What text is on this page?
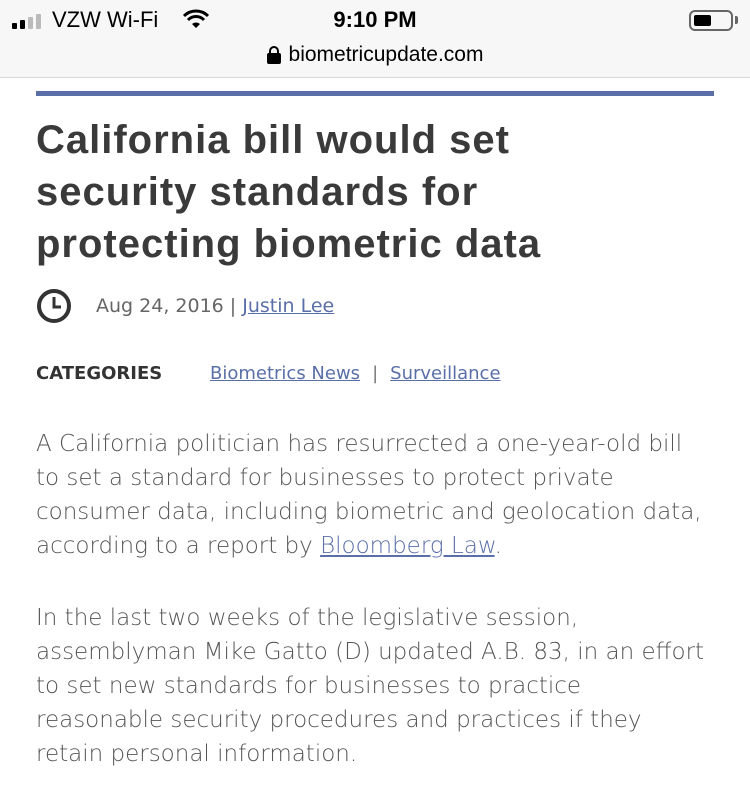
VZW Wi-Fi	9:10 PM
biometricupdate.com
California bill would set
security standards for
protecting biometric data
Aug 24, 2016 | Justin Lee
CATEGORIES	Biometrics News | Surveillance
A California politician has resurrected a one-year-old bill
to set a standard for businesses to protect private
consumer data, including biometric and geolocation data,
according to a report by Bloomberg Law.
In the last two weeks of the legislative session,
assemblyman Mike Gatto (D) updated A.B. 83, in an effort
to set new standards for businesses to practice
reasonable security procedures and practices if they
retain personal information.
